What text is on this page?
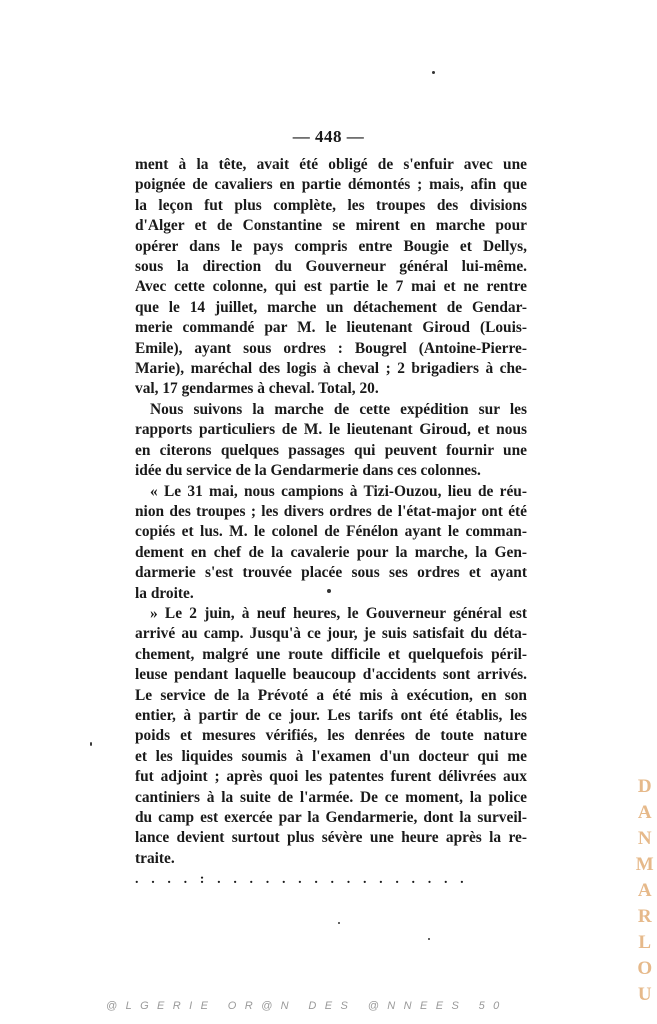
— 448 —

ment à la tête, avait été obligé de s'enfuir avec une

poignée de cavaliers en partie démontés ; mais, afin que

la leçon fut plus complète, les troupes des divisions

d'Alger et de Constantine se mirent en marche pour

opérer dans le pays compris entre Bougie et Dellys,

sous la direction du Gouverneur général lui-même.

Avec cette colonne, qui est partie le 7 mai et ne rentre

que le 14 juillet, marche un détachement de Gendar-

merie commandé par M. le lieutenant Giroud (Louis-

Emile), ayant sous ordres : Bougrel (Antoine-Pierre-

Marie), maréchal des logis à cheval ; 2 brigadiers à che-

val, 17 gendarmes à cheval. Total, 20.

Nous suivons la marche de cette expédition sur les

rapports particuliers de M. le lieutenant Giroud, et nous

en citerons quelques passages qui peuvent fournir une

idée du service de la Gendarmerie dans ces colonnes.

« Le 31 mai, nous campions à Tizi-Ouzou, lieu de réu-

nion des troupes ; les divers ordres de l'état-major ont été

copiés et lus. M. le colonel de Fénélon ayant le comman-

dement en chef de la cavalerie pour la marche, la Gen-

darmerie s'est trouvée placée sous ses ordres et ayant

la droite.

» Le 2 juin, à neuf heures, le Gouverneur général est

arrivé au camp. Jusqu'à ce jour, je suis satisfait du déta-

chement, malgré une route difficile et quelquefois péril-

leuse pendant laquelle beaucoup d'accidents sont arrivés.

Le service de la Prévoté a été mis à exécution, en son

entier, à partir de ce jour. Les tarifs ont été établis, les

poids et mesures vérifiés, les denrées de toute nature

et les liquides soumis à l'examen d'un docteur qui me

fut adjoint ; après quoi les patentes furent délivrées aux

cantiniers à la suite de l'armée. De ce moment, la police

du camp est exercée par la Gendarmerie, dont la surveil-

lance devient surtout plus sévère une heure après la re-

traite.

. . . . : . . . . . . . . . . . . . . . .	DANMARLOU
@LGERIE OR@N DES @NNEES 50
